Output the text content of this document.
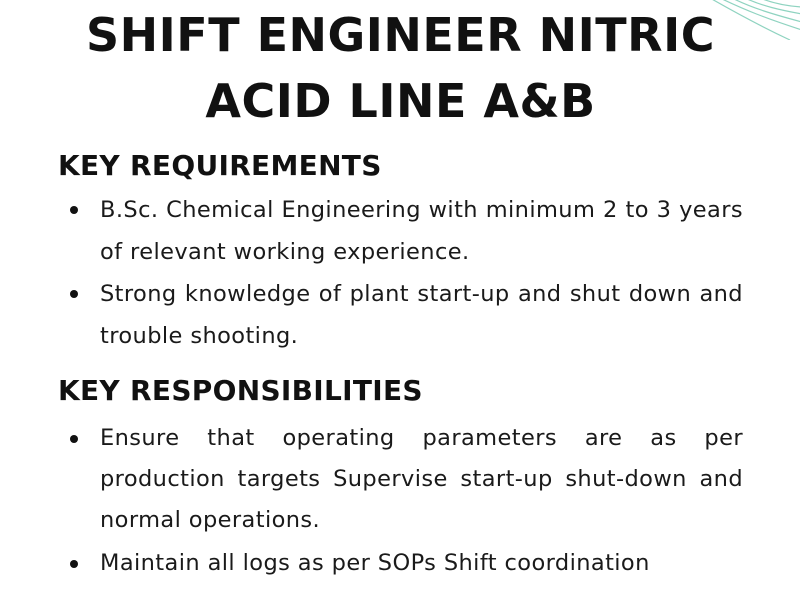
SHIFT ENGINEER NITRIC
ACID LINE A&B
KEY REQUIREMENTS
B.Sc. Chemical Engineering with minimum 2 to 3 years of relevant working experience.
Strong knowledge of plant start-up and shut down and trouble shooting.
KEY RESPONSIBILITIES
Ensure that operating parameters are as per production targets Supervise start-up shut-down and normal operations.
Maintain all logs as per SOPs Shift coordination
